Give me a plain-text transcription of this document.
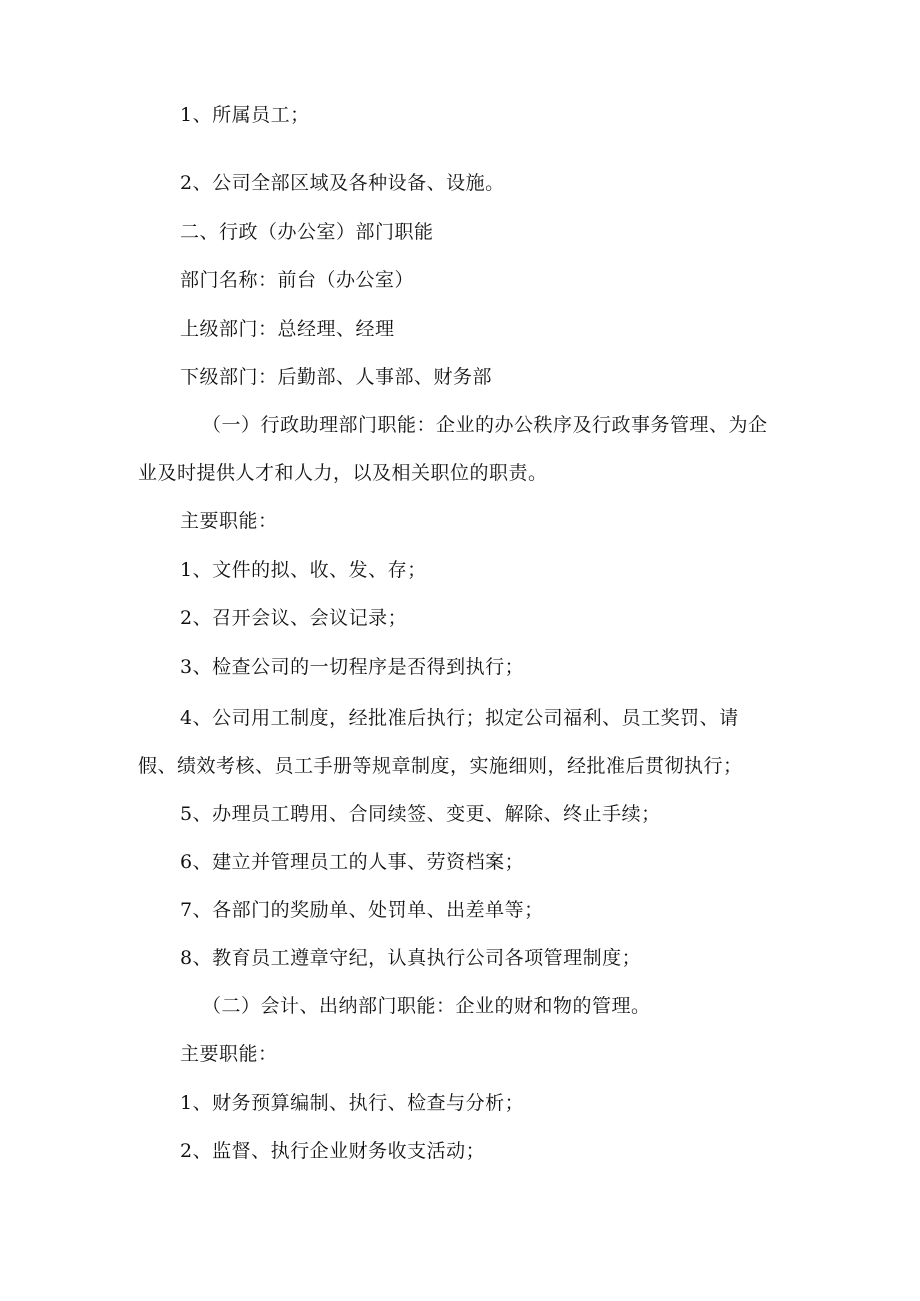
1、所属员工；
2、公司全部区域及各种设备、设施。
二、行政（办公室）部门职能
部门名称：前台（办公室）
上级部门：总经理、经理
下级部门：后勤部、人事部、财务部
（一）行政助理部门职能：企业的办公秩序及行政事务管理、为企
业及时提供人才和人力，以及相关职位的职责。
主要职能：
1、文件的拟、收、发、存；
2、召开会议、会议记录；
3、检查公司的一切程序是否得到执行；
4、公司用工制度，经批准后执行；拟定公司福利、员工奖罚、请
假、绩效考核、员工手册等规章制度，实施细则，经批准后贯彻执行；
5、办理员工聘用、合同续签、变更、解除、终止手续；
6、建立并管理员工的人事、劳资档案；
7、各部门的奖励单、处罚单、出差单等；
8、教育员工遵章守纪，认真执行公司各项管理制度；
（二）会计、出纳部门职能：企业的财和物的管理。
主要职能：
1、财务预算编制、执行、检查与分析；
2、监督、执行企业财务收支活动；
